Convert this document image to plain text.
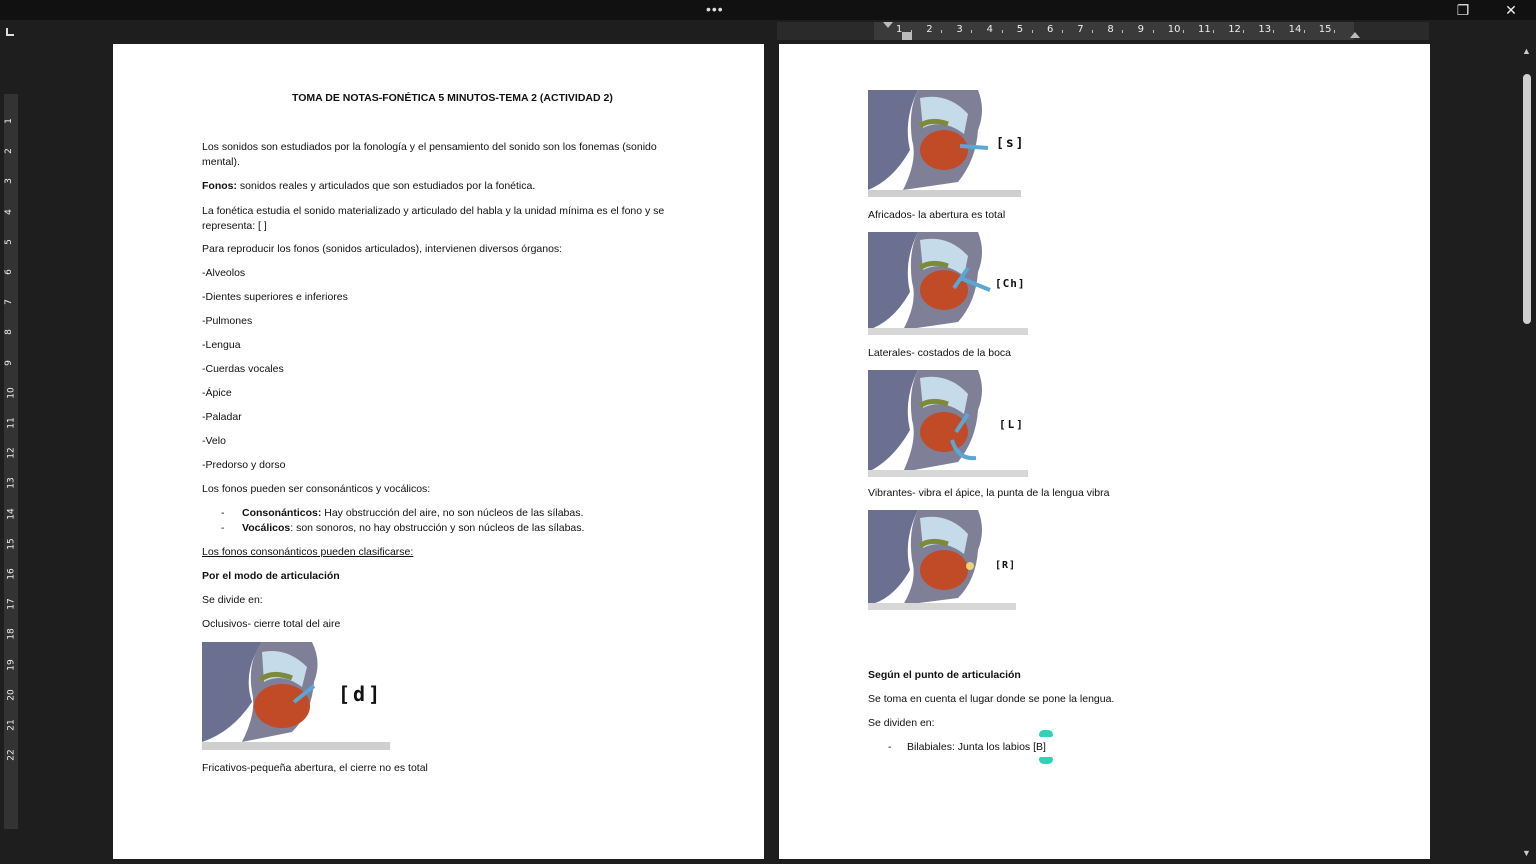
•••	❐	✕
1 2 3 4 5 6 7 8 9 10 11 12 13 14 15
1
2
3
4
5
6
7
8
9
10
11
12
13
14
15
16
17
18
19
20
21
22

TOMA DE NOTAS-FONÉTICA 5 MINUTOS-TEMA 2 (ACTIVIDAD 2)

Los sonidos son estudiados por la fonología y el pensamiento del sonido son los fonemas (sonido mental).

Fonos: sonidos reales y articulados que son estudiados por la fonética.

La fonética estudia el sonido materializado y articulado del habla y la unidad mínima es el fono y se representa: [ ]

Para reproducir los fonos (sonidos articulados), intervienen diversos órganos:

-Alveolos

-Dientes superiores e inferiores

-Pulmones

-Lengua

-Cuerdas vocales

-Ápice

-Paladar

-Velo

-Predorso y dorso

Los fonos pueden ser consonánticos y vocálicos:

-      Consonánticos: Hay obstrucción del aire, no son núcleos de las sílabas.

-      Vocálicos: son sonoros, no hay obstrucción y son núcleos de las sílabas.

Los fonos consonánticos pueden clasificarse:

Por el modo de articulación

Se divide en:

Oclusivos- cierre total del aire

[d]

Fricativos-pequeña abertura, el cierre no es total

[s]

Africados- la abertura es total

[Ch]

Laterales- costados de la boca

[L]

Vibrantes- vibra el ápice, la punta de la lengua vibra

[R]

Según el punto de articulación

Se toma en cuenta el lugar donde se pone la lengua.

Se dividen en:

- Bilabiales: Junta los labios [B]

▲
▼
